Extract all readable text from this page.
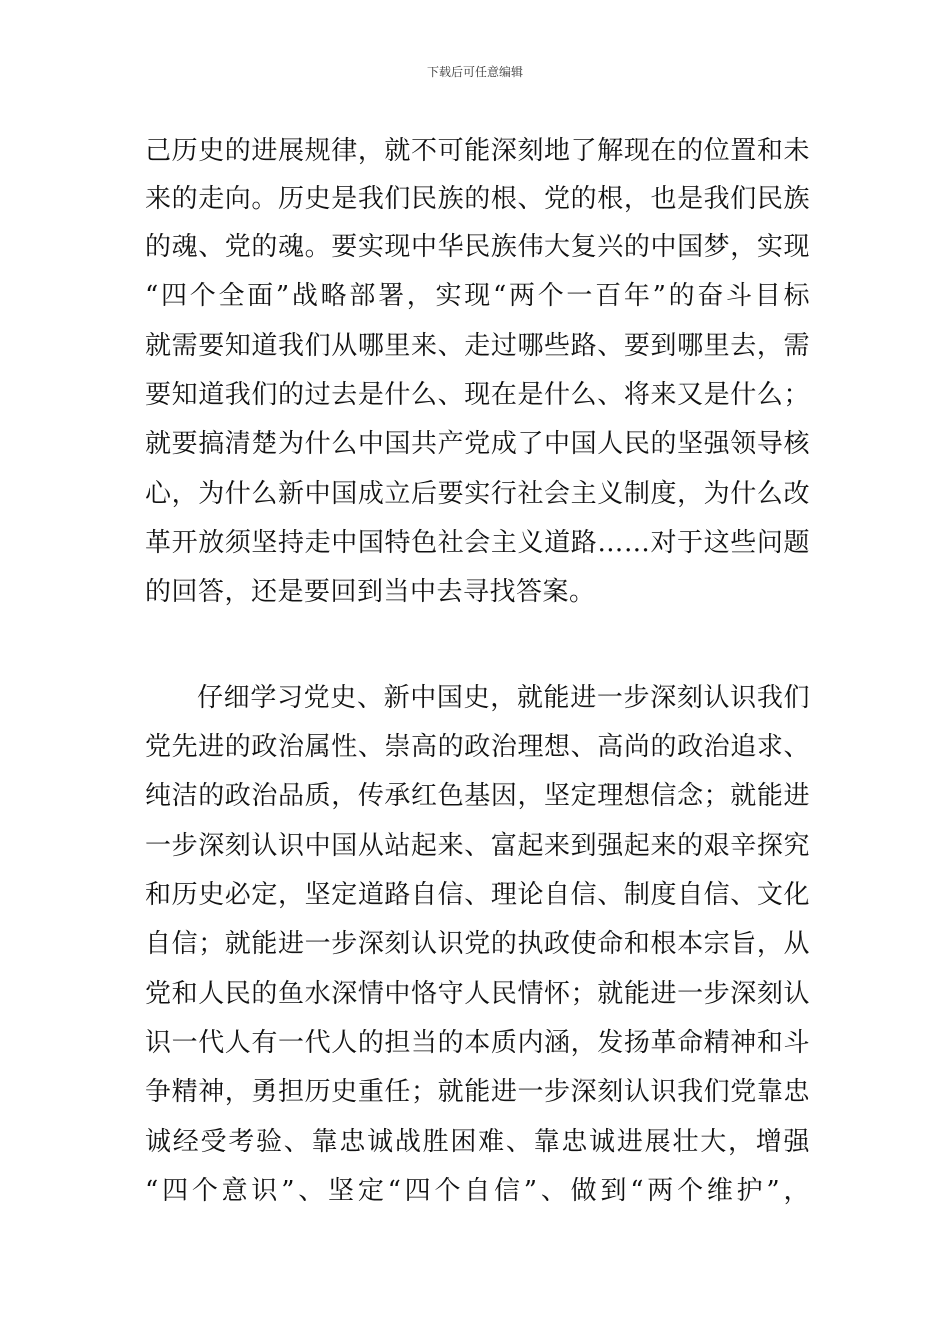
下载后可任意编辑
己历史的进展规律，就不可能深刻地了解现在的位置和未
来的走向。历史是我们民族的根、党的根，也是我们民族
的魂、党的魂。要实现中华民族伟大复兴的中国梦，实现
“四个全面”战略部署，实现“两个一百年”的奋斗目标
就需要知道我们从哪里来、走过哪些路、要到哪里去，需
要知道我们的过去是什么、现在是什么、将来又是什么；
就要搞清楚为什么中国共产党成了中国人民的坚强领导核
心，为什么新中国成立后要实行社会主义制度，为什么改
革开放须坚持走中国特色社会主义道路……对于这些问题
的回答，还是要回到当中去寻找答案。
仔细学习党史、新中国史，就能进一步深刻认识我们
党先进的政治属性、崇高的政治理想、高尚的政治追求、
纯洁的政治品质，传承红色基因，坚定理想信念；就能进
一步深刻认识中国从站起来、富起来到强起来的艰辛探究
和历史必定，坚定道路自信、理论自信、制度自信、文化
自信；就能进一步深刻认识党的执政使命和根本宗旨，从
党和人民的鱼水深情中恪守人民情怀；就能进一步深刻认
识一代人有一代人的担当的本质内涵，发扬革命精神和斗
争精神，勇担历史重任；就能进一步深刻认识我们党靠忠
诚经受考验、靠忠诚战胜困难、靠忠诚进展壮大，增强
“四个意识”、坚定“四个自信”、做到“两个维护”，
